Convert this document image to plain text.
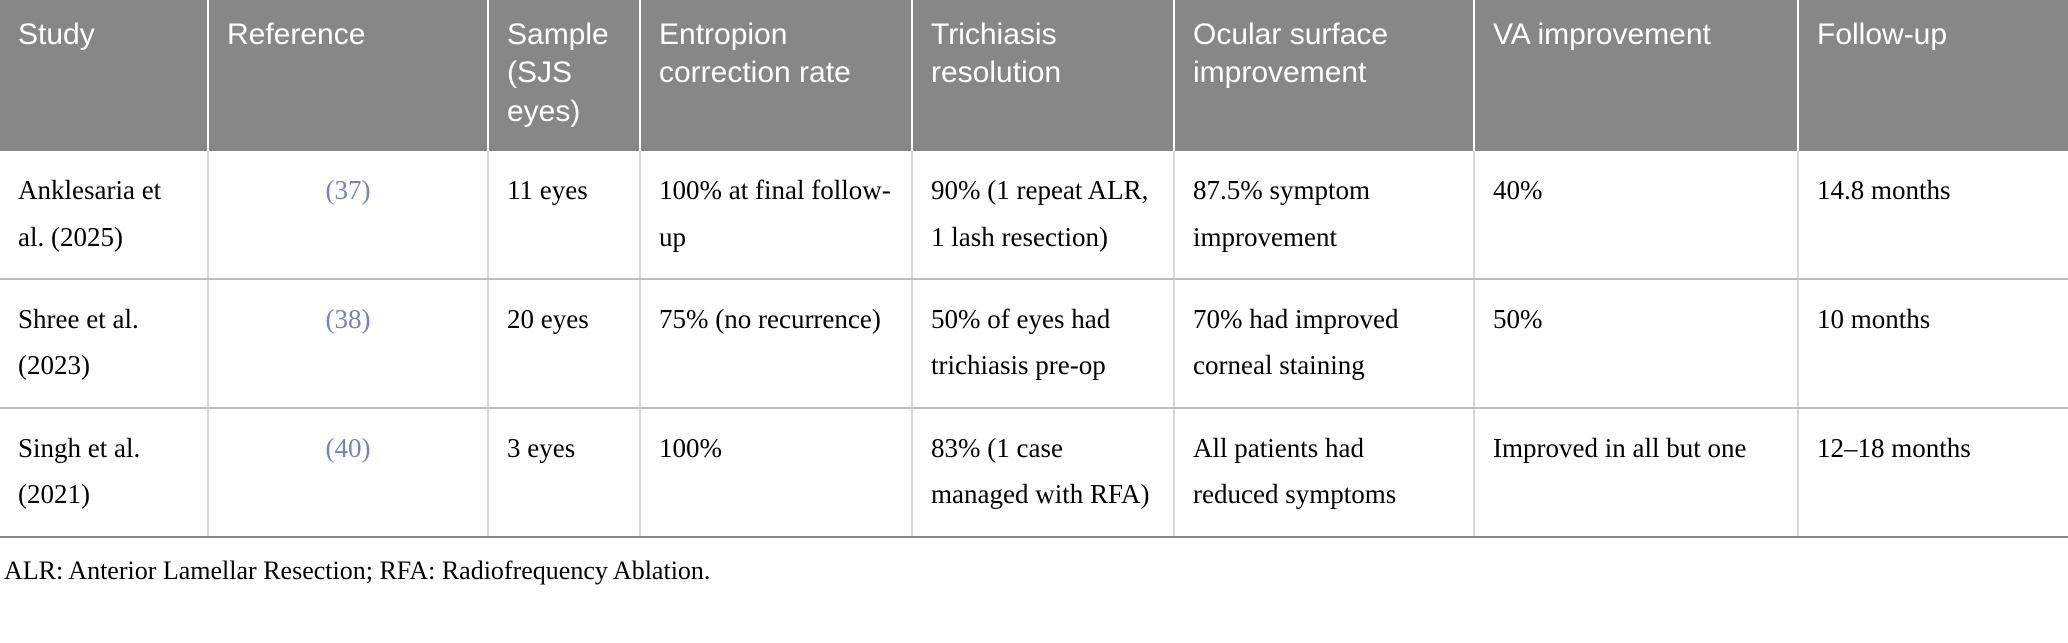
Study	Reference	Sample (SJS eyes)	Entropion correction rate	Trichiasis resolution	Ocular surface improvement	VA improvement	Follow-up
Anklesaria et al. (2025)	(37)	11 eyes	100% at final follow-up	90% (1 repeat ALR, 1 lash resection)	87.5% symptom improvement	40%	14.8 months
Shree et al. (2023)	(38)	20 eyes	75% (no recurrence)	50% of eyes had trichiasis pre-op	70% had improved corneal staining	50%	10 months
Singh et al. (2021)	(40)	3 eyes	100%	83% (1 case managed with RFA)	All patients had reduced symptoms	Improved in all but one	12–18 months
ALR: Anterior Lamellar Resection; RFA: Radiofrequency Ablation.
